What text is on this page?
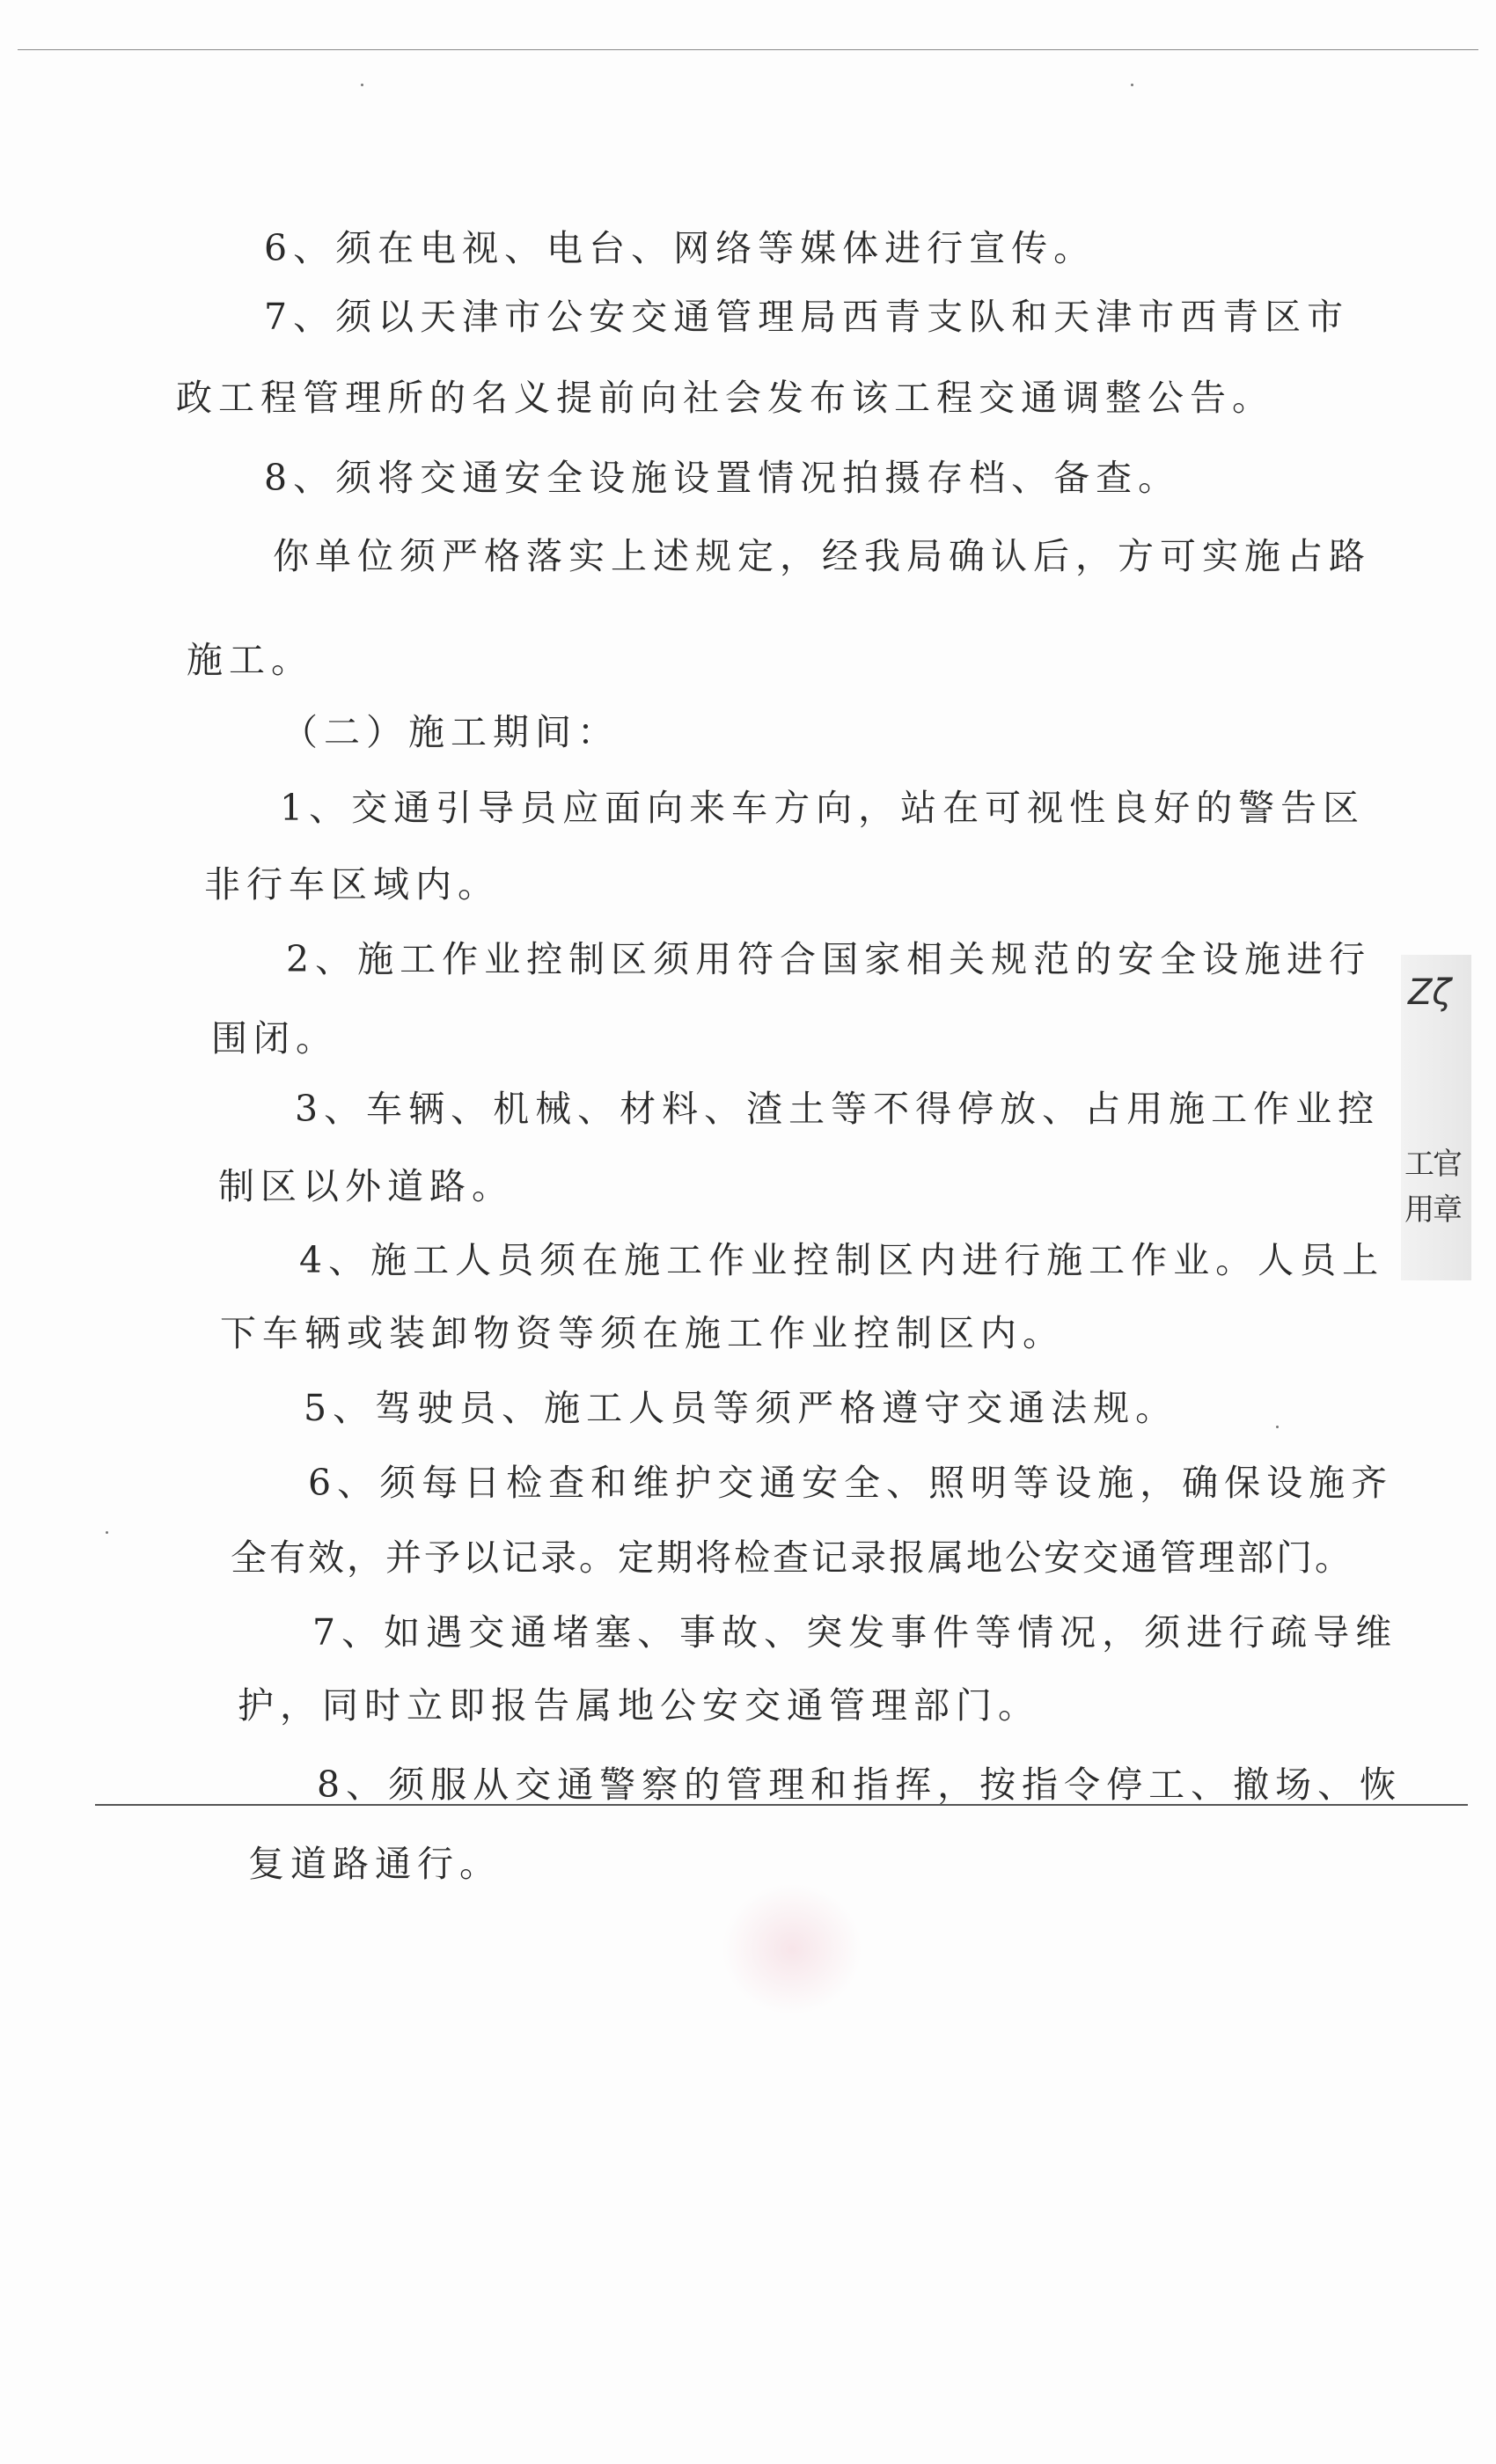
6、须在电视、电台、网络等媒体进行宣传。
7、须以天津市公安交通管理局西青支队和天津市西青区市
政工程管理所的名义提前向社会发布该工程交通调整公告。
8、须将交通安全设施设置情况拍摄存档、备查。
你单位须严格落实上述规定，经我局确认后，方可实施占路
施工。
（二）施工期间：
1、交通引导员应面向来车方向，站在可视性良好的警告区
非行车区域内。
2、施工作业控制区须用符合国家相关规范的安全设施进行
围闭。
3、车辆、机械、材料、渣土等不得停放、占用施工作业控
制区以外道路。
4、施工人员须在施工作业控制区内进行施工作业。人员上
下车辆或装卸物资等须在施工作业控制区内。
5、驾驶员、施工人员等须严格遵守交通法规。
6、须每日检查和维护交通安全、照明等设施，确保设施齐
全有效，并予以记录。定期将检查记录报属地公安交通管理部门。
7、如遇交通堵塞、事故、突发事件等情况，须进行疏导维
护，同时立即报告属地公安交通管理部门。
8、须服从交通警察的管理和指挥，按指令停工、撤场、恢
复道路通行。
Ζζ
工官
用章
